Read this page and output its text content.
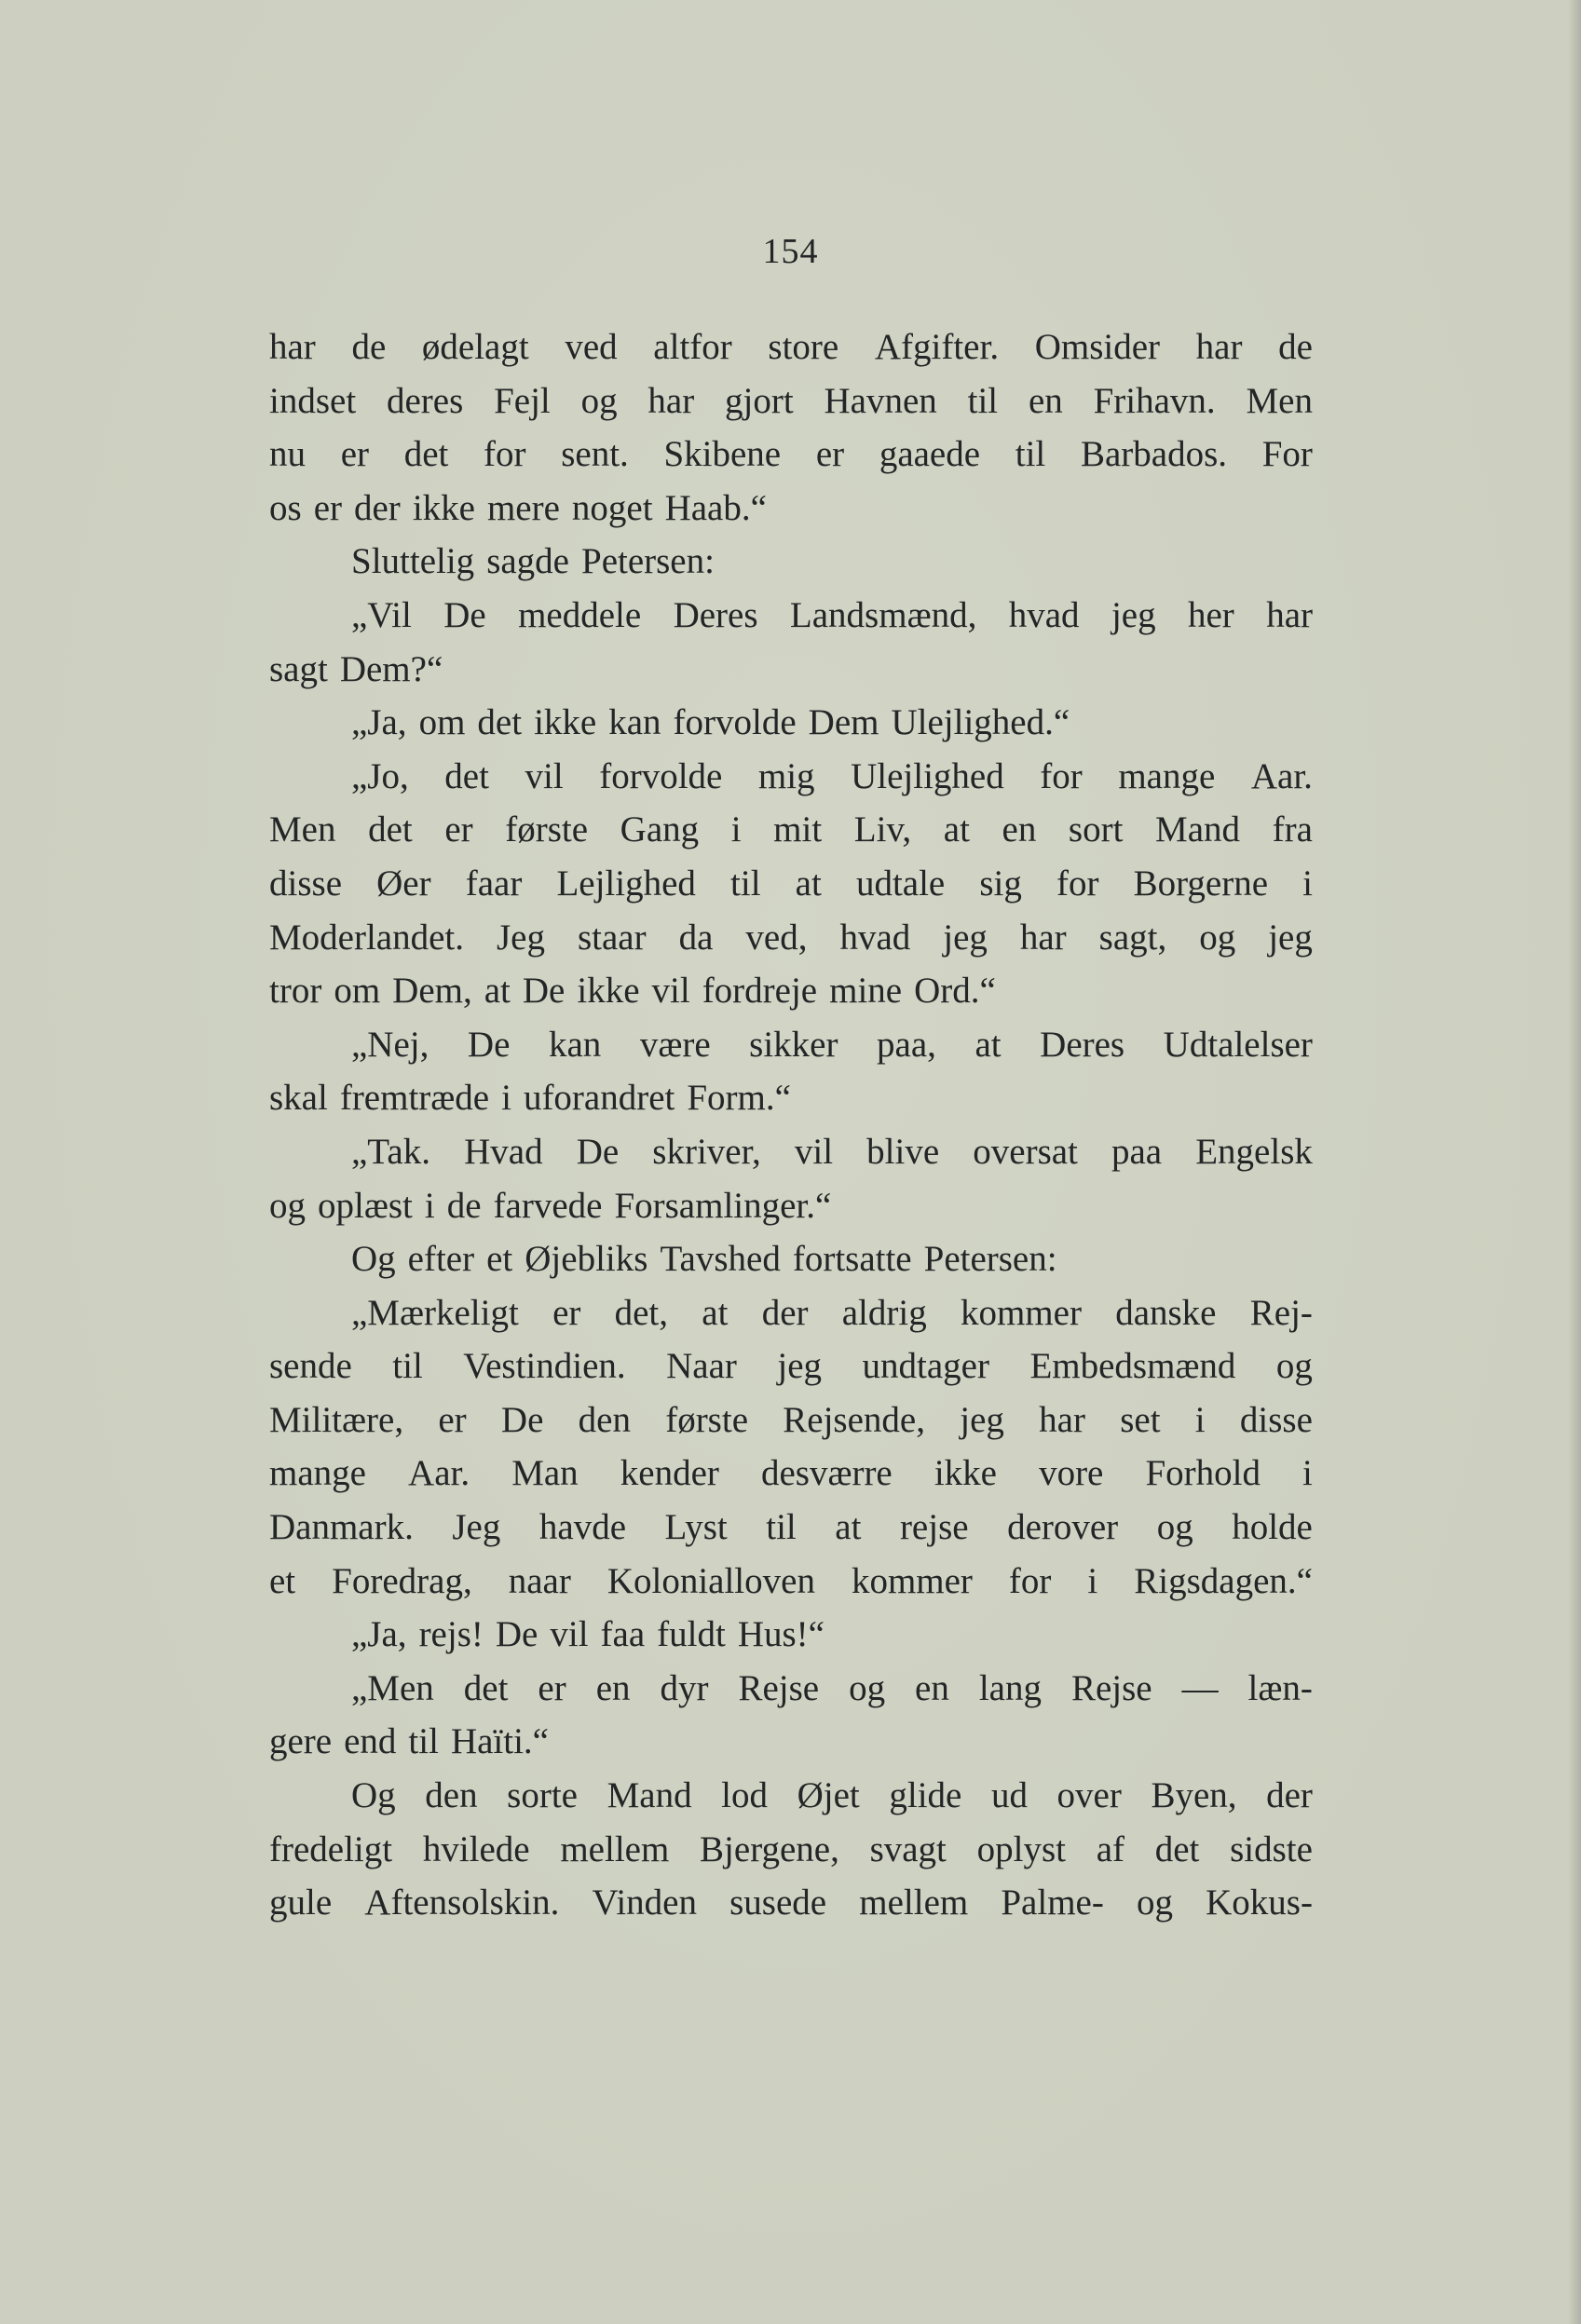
154
har de ødelagt ved altfor store Afgifter. Omsider har de
indset deres Fejl og har gjort Havnen til en Frihavn. Men
nu er det for sent. Skibene er gaaede til Barbados. For
os er der ikke mere noget Haab.“
Sluttelig sagde Petersen:
„Vil De meddele Deres Landsmænd, hvad jeg her har
sagt Dem?“
„Ja, om det ikke kan forvolde Dem Ulejlighed.“
„Jo, det vil forvolde mig Ulejlighed for mange Aar.
Men det er første Gang i mit Liv, at en sort Mand fra
disse Øer faar Lejlighed til at udtale sig for Borgerne i
Moderlandet. Jeg staar da ved, hvad jeg har sagt, og jeg
tror om Dem, at De ikke vil fordreje mine Ord.“
„Nej, De kan være sikker paa, at Deres Udtalelser
skal fremtræde i uforandret Form.“
„Tak. Hvad De skriver, vil blive oversat paa Engelsk
og oplæst i de farvede Forsamlinger.“
Og efter et Øjebliks Tavshed fortsatte Petersen:
„Mærkeligt er det, at der aldrig kommer danske Rej-
sende til Vestindien. Naar jeg undtager Embedsmænd og
Militære, er De den første Rejsende, jeg har set i disse
mange Aar. Man kender desværre ikke vore Forhold i
Danmark. Jeg havde Lyst til at rejse derover og holde
et Foredrag, naar Kolonialloven kommer for i Rigsdagen.“
„Ja, rejs! De vil faa fuldt Hus!“
„Men det er en dyr Rejse og en lang Rejse — læn-
gere end til Haïti.“
Og den sorte Mand lod Øjet glide ud over Byen, der
fredeligt hvilede mellem Bjergene, svagt oplyst af det sidste
gule Aftensolskin. Vinden susede mellem Palme- og Kokus-
